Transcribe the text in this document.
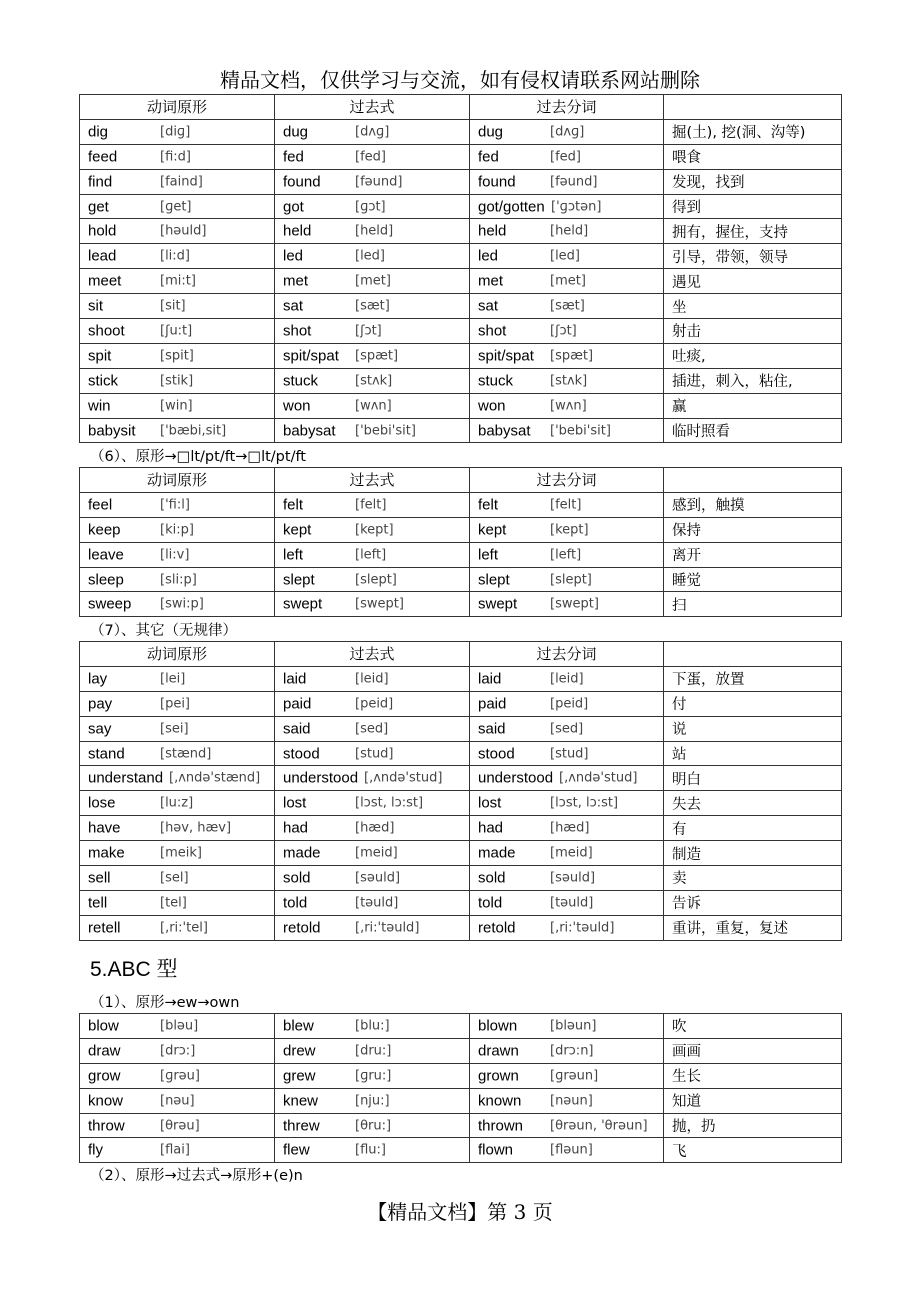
精品文档，仅供学习与交流，如有侵权请联系网站删除
动词原形	过去式	过去分词	

dig [diɡ]	dug [dʌɡ]	dug [dʌɡ]	掘(土), 挖(洞、沟等)

feed [fi:d]	fed [fed]	fed [fed]	喂食

find [faind]	found [fəund]	found [fəund]	发现，找到

get [ɡet]	got [ɡɔt]	got/gotten ['ɡɔtən]	得到

hold [həuld]	held [held]	held [held]	拥有，握住，支持

lead [li:d]	led [led]	led [led]	引导，带领，领导

meet [mi:t]	met [met]	met [met]	遇见

sit [sit]	sat [sæt]	sat [sæt]	坐

shoot [ʃu:t]	shot [ʃɔt]	shot [ʃɔt]	射击

spit [spit]	spit/spat [spæt]	spit/spat [spæt]	吐痰,

stick [stik]	stuck [stʌk]	stuck [stʌk]	插进，刺入，粘住,

win [win]	won [wʌn]	won [wʌn]	赢

babysit ['bæbi,sit]	babysat ['bebi'sit]	babysat ['bebi'sit]	临时照看
（6）、原形→□lt/pt/ft→□lt/pt/ft
动词原形	过去式	过去分词	

feel ['fi:l]	felt [felt]	felt [felt]	感到，触摸

keep [ki:p]	kept [kept]	kept [kept]	保持

leave [li:v]	left [left]	left [left]	离开

sleep [sli:p]	slept [slept]	slept [slept]	睡觉

sweep [swi:p]	swept [swept]	swept [swept]	扫
（7）、其它（无规律）
动词原形	过去式	过去分词	

lay [lei]	laid [leid]	laid [leid]	下蛋，放置

pay [pei]	paid [peid]	paid [peid]	付

say [sei]	said [sed]	said [sed]	说

stand [stænd]	stood [stud]	stood [stud]	站

understand [,ʌndə'stænd]	understood [,ʌndə'stud]	understood [,ʌndə'stud]	明白

lose [lu:z]	lost [lɔst, lɔ:st]	lost [lɔst, lɔ:st]	失去

have [həv, hæv]	had [hæd]	had [hæd]	有

make [meik]	made [meid]	made [meid]	制造

sell [sel]	sold [səuld]	sold [səuld]	卖

tell [tel]	told [təuld]	told [təuld]	告诉

retell [,ri:'tel]	retold [,ri:'təuld]	retold [,ri:'təuld]	重讲，重复，复述
5.ABC 型
（1）、原形→ew→own
blow [bləu]	blew [blu:]	blown [bləun]	吹

draw [drɔ:]	drew [dru:]	drawn [drɔ:n]	画画

grow [ɡrəu]	grew [ɡru:]	grown [ɡrəun]	生长

know [nəu]	knew [nju:]	known [nəun]	知道

throw [θrəu]	threw [θru:]	thrown [θrəun, 'θrəun]	抛，扔

fly [flai]	flew [flu:]	flown [fləun]	飞
（2）、原形→过去式→原形+(e)n
【精品文档】第 3 页
